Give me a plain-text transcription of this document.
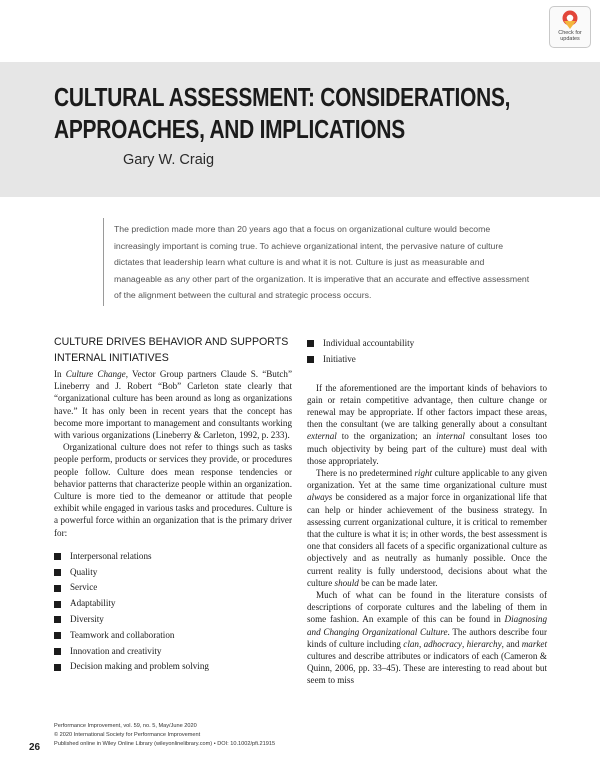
Check for
updates
CULTURAL ASSESSMENT: CONSIDERATIONS,
APPROACHES, AND IMPLICATIONS
Gary W. Craig

The prediction made more than 20 years ago that a focus on organizational culture would become increasingly important is coming true. To achieve organizational intent, the pervasive nature of culture dictates that leadership learn what culture is and what it is not. Culture is just as measurable and manageable as any other part of the organization. It is imperative that an accurate and effective assessment of the alignment between the cultural and strategic process occurs.

CULTURE DRIVES BEHAVIOR AND SUPPORTS INTERNAL INITIATIVES

In Culture Change, Vector Group partners Claude S. “Butch” Lineberry and J. Robert “Bob” Carleton state clearly that “organizational culture has been around as long as organizations have.” It has only been in recent years that the concept has become more important to management and consultants working with various organizations (Lineberry & Carleton, 1992, p. 233).

Organizational culture does not refer to things such as tasks people perform, products or services they provide, or procedures people follow. Culture does mean response tendencies or behavior patterns that characterize people within an organization. Culture is more tied to the demeanor or attitude that people exhibit while engaged in various tasks and procedures. Culture is a powerful force within an organization that is the primary driver for:

Interpersonal relations
Quality
Service
Adaptability
Diversity
Teamwork and collaboration
Innovation and creativity
Decision making and problem solving
Individual accountability
Initiative

If the aforementioned are the important kinds of behaviors to gain or retain competitive advantage, then culture change or renewal may be appropriate. If other factors impact these areas, then the consultant (we are talking generally about a consultant external to the organization; an internal consultant loses too much objectivity by being part of the culture) must deal with those appropriately.

There is no predetermined right culture applicable to any given organization. Yet at the same time organizational culture must always be considered as a major force in organizational life that can help or hinder achievement of the business strategy. In assessing current organizational culture, it is critical to remember that the culture is what it is; in other words, the best assessment is one that considers all facets of a specific organizational culture as objectively and as neutrally as humanly possible. Once the current reality is fully understood, decisions about what the culture should be can be made later.

Much of what can be found in the literature consists of descriptions of corporate cultures and the labeling of them in some fashion. An example of this can be found in Diagnosing and Changing Organizational Culture. The authors describe four kinds of culture including clan, adhocracy, hierarchy, and market cultures and describe attributes or indicators of each (Cameron & Quinn, 2006, pp. 33–45). These are interesting to read about but seem to miss

Performance Improvement, vol. 59, no. 5, May/June 2020
© 2020 International Society for Performance Improvement
Published online in Wiley Online Library (wileyonlinelibrary.com) • DOI: 10.1002/pfi.21915
26
